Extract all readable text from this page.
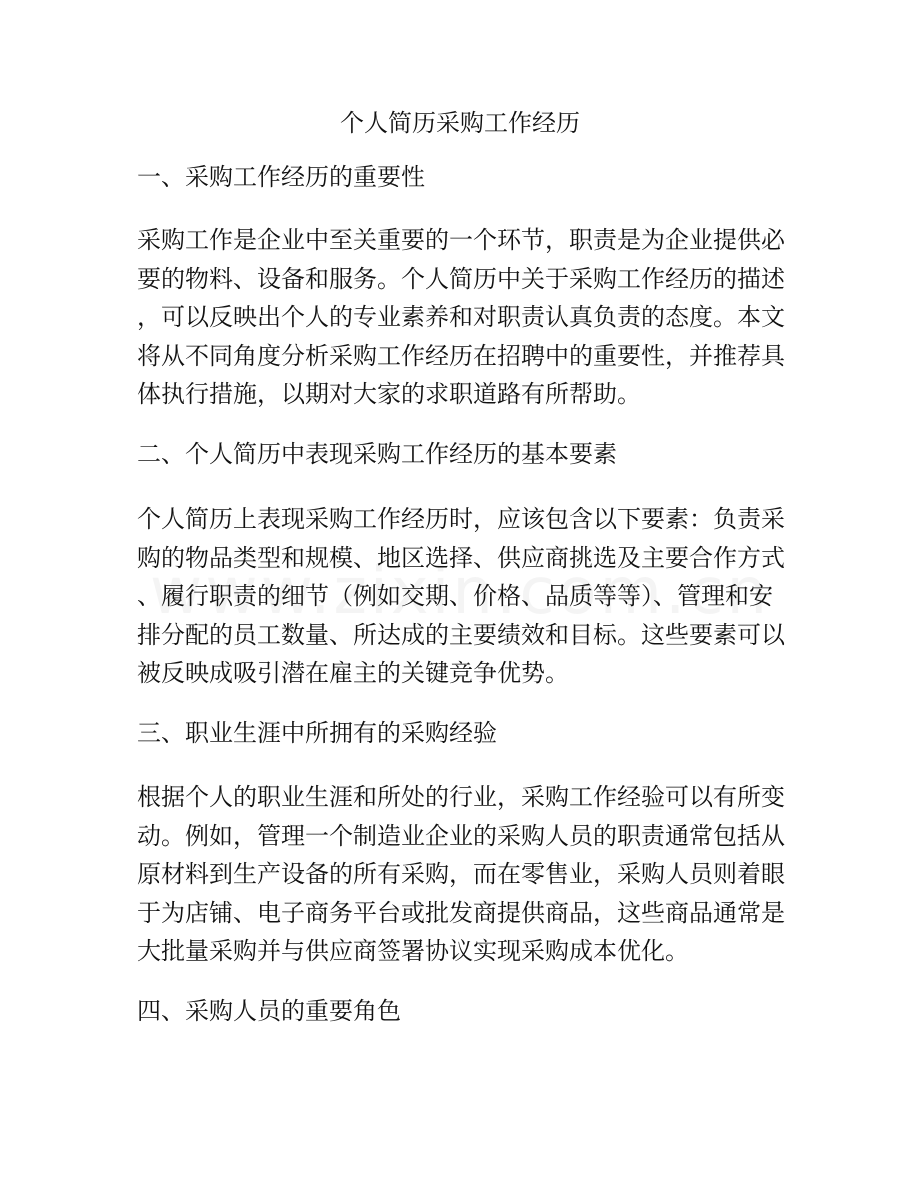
个人简历采购工作经历
一、采购工作经历的重要性

采购工作是企业中至关重要的一个环节，职责是为企业提供必
要的物料、设备和服务。个人简历中关于采购工作经历的描述
，可以反映出个人的专业素养和对职责认真负责的态度。本文
将从不同角度分析采购工作经历在招聘中的重要性，并推荐具
体执行措施，以期对大家的求职道路有所帮助。

二、个人简历中表现采购工作经历的基本要素

个人简历上表现采购工作经历时，应该包含以下要素：负责采
购的物品类型和规模、地区选择、供应商挑选及主要合作方式
、履行职责的细节（例如交期、价格、品质等等）、管理和安
排分配的员工数量、所达成的主要绩效和目标。这些要素可以
被反映成吸引潜在雇主的关键竞争优势。

三、职业生涯中所拥有的采购经验

根据个人的职业生涯和所处的行业，采购工作经验可以有所变
动。例如，管理一个制造业企业的采购人员的职责通常包括从
原材料到生产设备的所有采购，而在零售业，采购人员则着眼
于为店铺、电子商务平台或批发商提供商品，这些商品通常是
大批量采购并与供应商签署协议实现采购成本优化。

四、采购人员的重要角色
